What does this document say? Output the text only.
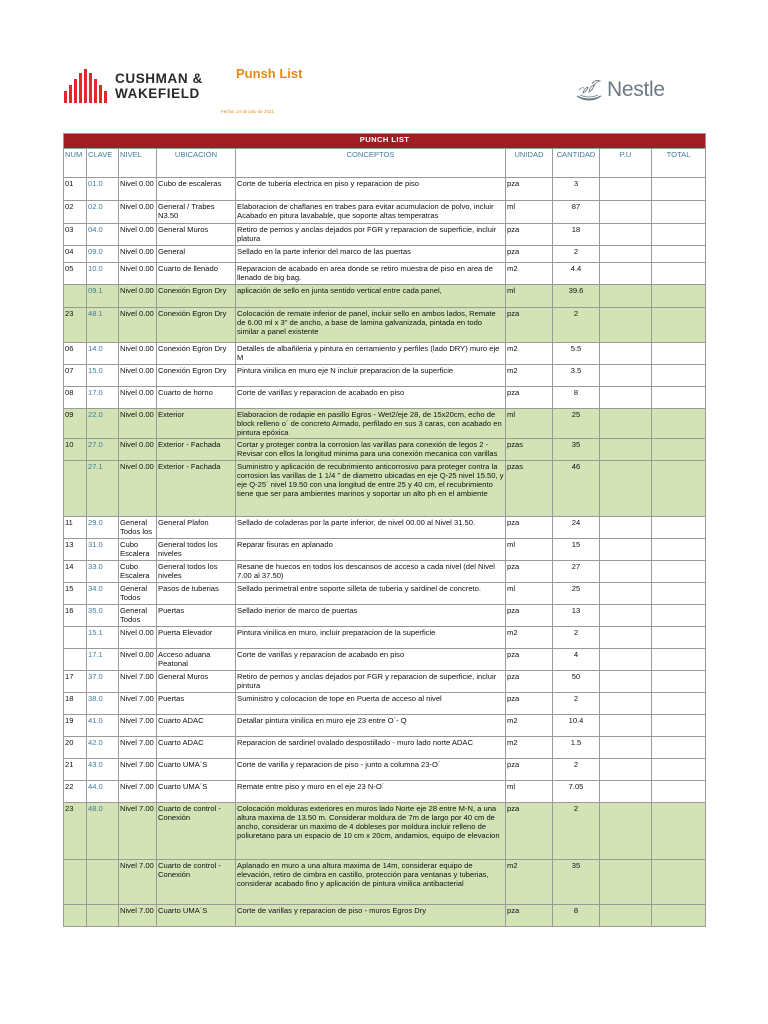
CUSHMAN &
WAKEFIELD
Punsh List
Fecha: 14 de julio de 2021
Nestle
PUNCH LIST								
NUM	CLAVE	NIVEL	UBICACIÓN	CONCEPTOS	UNIDAD	CANTIDAD	P.U	TOTAL
01	01.0	Nivel 0.00	Cubo de escaleras	Corte de tuberia electrica en piso y reparacion de piso	pza	3		
02	02.0	Nivel 0.00	General / Trabes N3.50	Elaboracion de chaflanes en trabes para evitar acumulacion de polvo, incluir Acabado en pitura lavabable, que soporte altas temperatras	ml	87		
03	04.0	Nivel 0.00	General Muros	Retiro de pernos y anclas dejados por FGR y reparacion de superficie, incluir platura	pza	18		
04	09.0	Nivel 0.00	General	Sellado en la parte inferior del marco de las puertas	pza	2		
05	10.0	Nivel 0.00	Cuarto de llenado	Reparacion de acabado en area donde se retiro muestra de piso en area de llenado de big bag.	m2	4.4		
	09.1	Nivel 0.00	Conexión Egron Dry	aplicación de sello en junta sentido vertical entre cada panel,	ml	39.6		
23	48.1	Nivel 0.00	Conexión Egron Dry	Colocación de remate inferior de panel, incluir sello en ambos lados, Remate de 6.00 ml x 3" de ancho, a base de lamina galvanizada, pintada en todo similar a panel existente	pza	2		
06	14.0	Nivel 0.00	Conexión Egron Dry	Detalles de albañileria y pintura en cerramiento y perfiles (lado DRY) muro eje M	m2	5.5		
07	15.0	Nivel 0.00	Conexión Egron Dry	Pintura vinilica en muro eje N incluir preparacion de la superficie	m2	3.5		
08	17.0	Nivel 0.00	Cuarto de horno	Corte de varillas y reparacion de acabado en piso	pza	8		
09	22.0	Nivel 0.00	Exterior	Elaboracion de rodapie en pasillo Egros - Wet2/eje 28, de 15x20cm, echo de block relleno o´ de concreto Armado, perfilado en sus 3 caras, con acabado en pintura epóxica	ml	25		
10	27.0	Nivel 0.00	Exterior - Fachada	Cortar y proteger contra la corrosion las varillas para conexión de legos 2 - Revisar con ellos la longitud minima para una conexión mecanica con varillas	pzas	35		
	27.1	Nivel 0.00	Exterior - Fachada	Suministro y aplicación de recubrimiento anticorrosivo para proteger contra la corrosion las varillas de 1 1/4 " de diametro ubicadas en eje Q-25 nivel 15.50, y eje Q-25´ nivel 19.50 con una longitud de entre 25 y 40 cm, el recubrimiento tiene que ser para ambientes marinos y soportar un alto ph en el ambiente	pzas	46		
11	29.0	General Todos los	General Plafon	Sellado de coladeras por la parte inferior, de nivel 00.00 al Nivel 31.50.	pza	24		
13	31.0	Cubo Escalera	General todos los niveles	Reparar fisuras en aplanado	ml	15		
14	33.0	Cubo Escalera	General todos los niveles	Resane de huecos en todos los descansos de acceso a cada nivel (del Nivel 7.00 al 37.50)	pza	27		
15	34.0	General Todos	Pasos de tuberias	Sellado perimetral entre soporte silleta de tuberia y sardinel de concreto.	ml	25		
16	35.0	General Todos	Puertas	Sellado inerior de marco de puertas	pza	13		
	15.1	Nivel 0.00	Puerta Elevador	Pintura vinilica en muro, incluir preparacion de la superficie	m2	2		
	17.1	Nivel 0.00	Acceso aduana Peatonal	Corte de varillas y reparacion de acabado en piso	pza	4		
17	37.0	Nivel 7.00	General Muros	Retiro de pernos y anclas dejados por FGR y reparacion de superficie, incluir pintura	pza	50		
18	38.0	Nivel 7.00	Puertas	Suministro y colocacion de tope en Puerta de acceso al nivel	pza	2		
19	41.0	Nivel 7.00	Cuarto ADAC	Detallar pintura vinilica en muro eje 23 entre O´- Q	m2	10.4		
20	42.0	Nivel 7.00	Cuarto ADAC	Reparacion de sardinel ovalado despostillado - muro lado norte ADAC	m2	1.5		
21	43.0	Nivel 7.00	Cuarto UMA´S	Corte de varilla y reparacion de piso - junto a columna 23-O´	pza	2		
22	44.0	Nivel 7.00	Cuarto UMA´S	Remate entre piso y muro en el eje 23 N-O´	ml	7.05		
23	48.0	Nivel 7.00	Cuarto de control - Conexión	Colocación molduras exteriores en muros lado Norte eje 28 entre M-N, a una altura maxima de 13.50 m. Considerar moldura de 7m de largo por 40 cm de ancho, considerar un maximo de 4 dobleses por moldura incluir relleno de poliuretano para un espacio de 10 cm x 20cm, andamios, equipo de elevacion	pza	2		
		Nivel 7.00	Cuarto de control - Conexión	Aplanado en muro a una altura maxima de 14m, considerar equipo de elevación, retiro de cimbra en castillo, protección para ventanas y tuberias, considerar acabado fino y aplicación de pintura vinilica antibacterial	m2	35		
		Nivel 7.00	Cuarto UMA´S	Corte de varillas y reparacion de piso - muros Egros Dry	pza	8		
